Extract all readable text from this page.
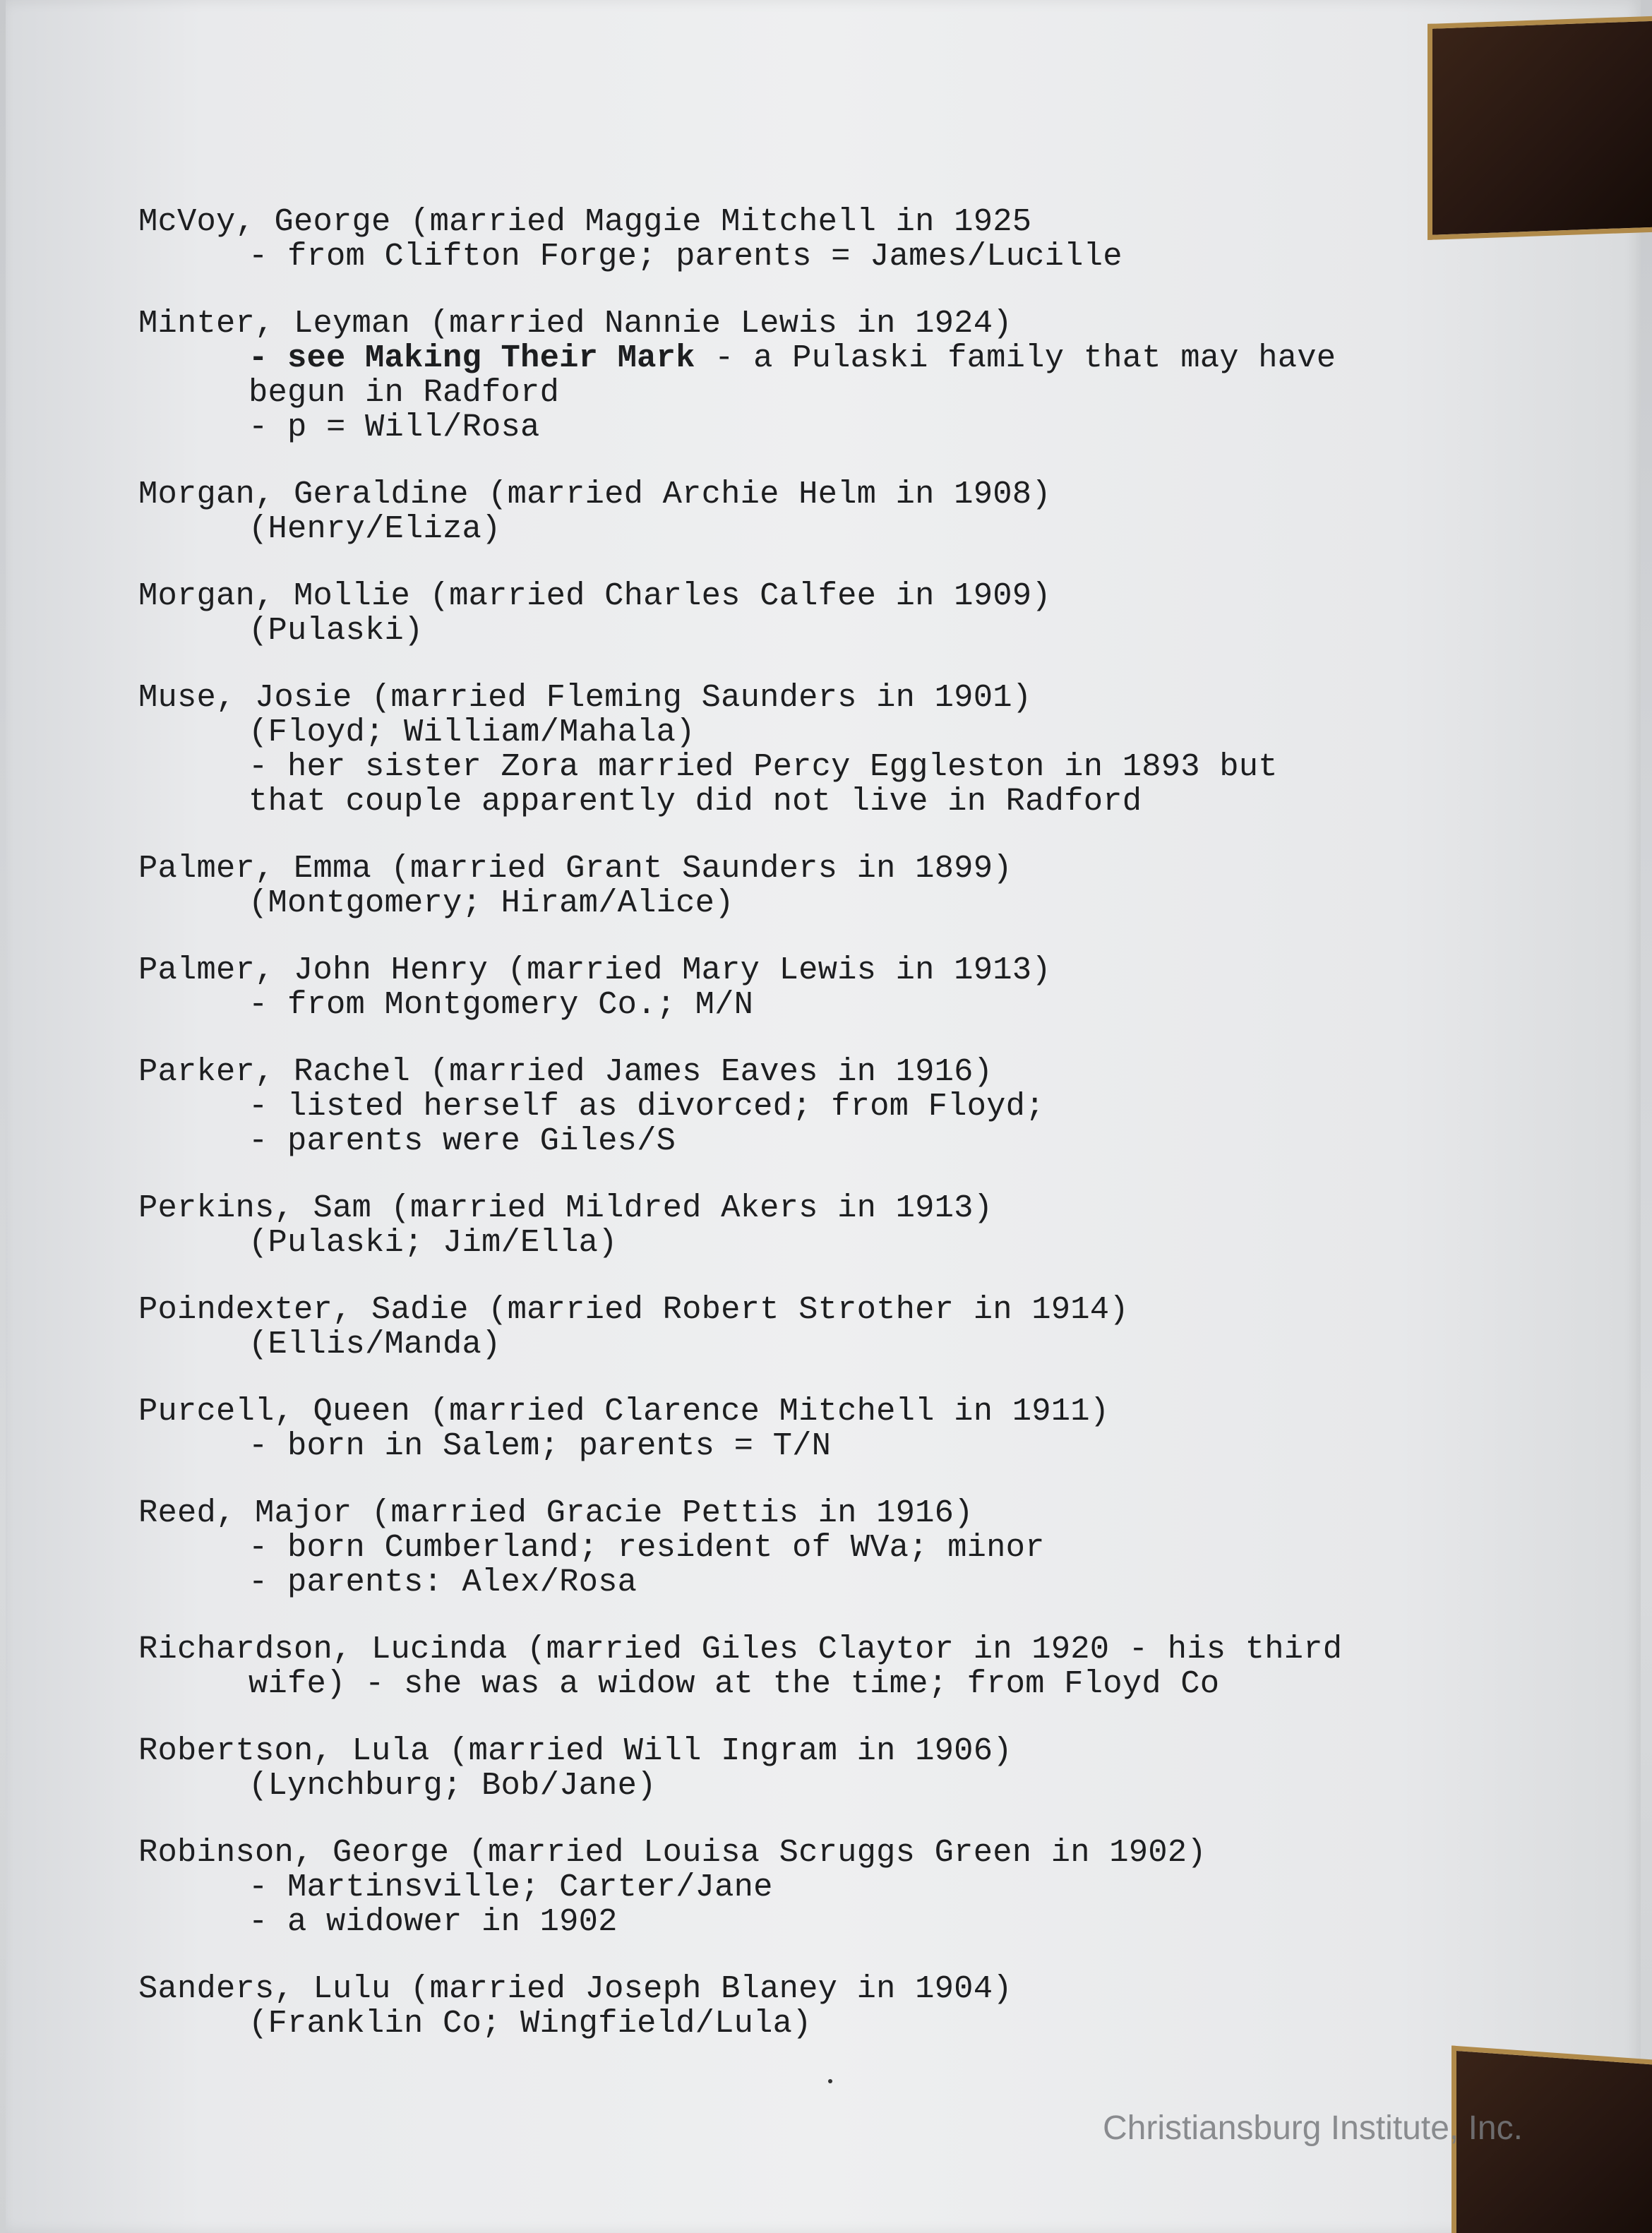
McVoy, George (married Maggie Mitchell in 1925
- from Clifton Forge; parents = James/Lucille
Minter, Leyman (married Nannie Lewis in 1924)
- see Making Their Mark - a Pulaski family that may have
begun in Radford
- p = Will/Rosa
Morgan, Geraldine (married Archie Helm in 1908)
(Henry/Eliza)
Morgan, Mollie (married Charles Calfee in 1909)
(Pulaski)
Muse, Josie (married Fleming Saunders in 1901)
(Floyd; William/Mahala)
- her sister Zora married Percy Eggleston in 1893 but
that couple apparently did not live in Radford
Palmer, Emma (married Grant Saunders in 1899)
(Montgomery; Hiram/Alice)
Palmer, John Henry (married Mary Lewis in 1913)
- from Montgomery Co.; M/N
Parker, Rachel (married James Eaves in 1916)
- listed herself as divorced; from Floyd;
- parents were Giles/S
Perkins, Sam (married Mildred Akers in 1913)
(Pulaski; Jim/Ella)
Poindexter, Sadie (married Robert Strother in 1914)
(Ellis/Manda)
Purcell, Queen (married Clarence Mitchell in 1911)
- born in Salem; parents = T/N
Reed, Major (married Gracie Pettis in 1916)
- born Cumberland; resident of WVa; minor
- parents: Alex/Rosa
Richardson, Lucinda (married Giles Claytor in 1920 - his third
wife) - she was a widow at the time; from Floyd Co
Robertson, Lula (married Will Ingram in 1906)
(Lynchburg; Bob/Jane)
Robinson, George (married Louisa Scruggs Green in 1902)
- Martinsville; Carter/Jane
- a widower in 1902
Sanders, Lulu (married Joseph Blaney in 1904)
(Franklin Co; Wingfield/Lula)
Christiansburg Institute, Inc.
